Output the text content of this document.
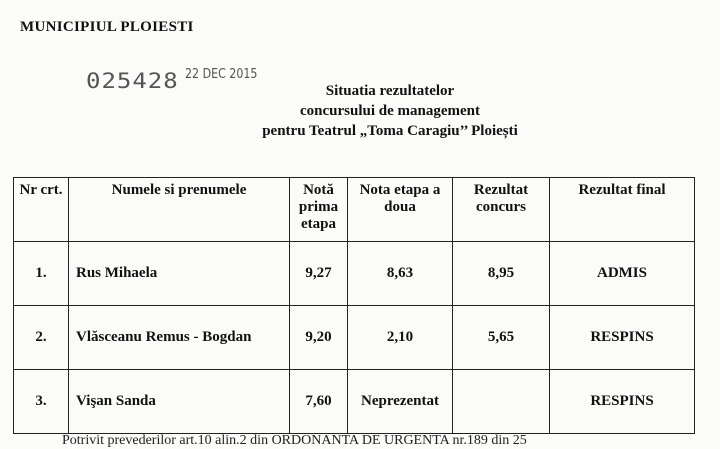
MUNICIPIUL PLOIESTI
025428 22 DEC 2015
Situatia rezultatelor
concursului de management
pentru Teatrul „Toma Caragiu’’ Ploiești
Nr crt.	Numele si prenumele	Notă prima etapa	Nota etapa a doua	Rezultat concurs	Rezultat final
1.	Rus Mihaela	9,27	8,63	8,95	ADMIS
2.	Vlăsceanu Remus - Bogdan	9,20	2,10	5,65	RESPINS
3.	Vişan Sanda	7,60	Neprezentat		RESPINS
Potrivit prevederilor art.10 alin.2 din ORDONANTA DE URGENTA nr.189 din 25
